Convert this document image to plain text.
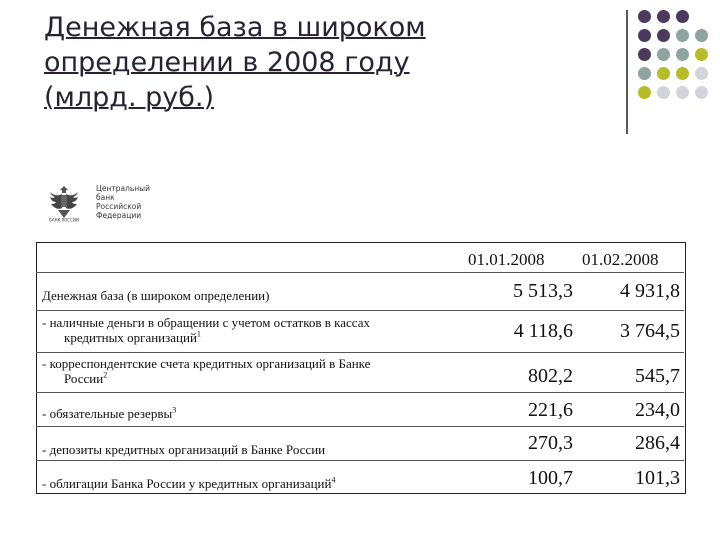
Денежная база в широком
определении в 2008 году
(млрд. руб.)
БАНК РОССИИ
Центральный
банк
Российской
Федерации
01.01.2008 01.02.2008
Денежная база (в широком определении)	5 513,3	4 931,8
- наличные деньги в обращении с учетом остатков в кассах
кредитных организаций$^1$	4 118,6	3 764,5
- корреспондентские счета кредитных организаций в Банке
России$^2$	802,2	545,7
- обязательные резервы$^3$	221,6	234,0
- депозиты кредитных организаций в Банке России	270,3	286,4
- облигации Банка России у кредитных организаций$^4$	100,7	101,3
